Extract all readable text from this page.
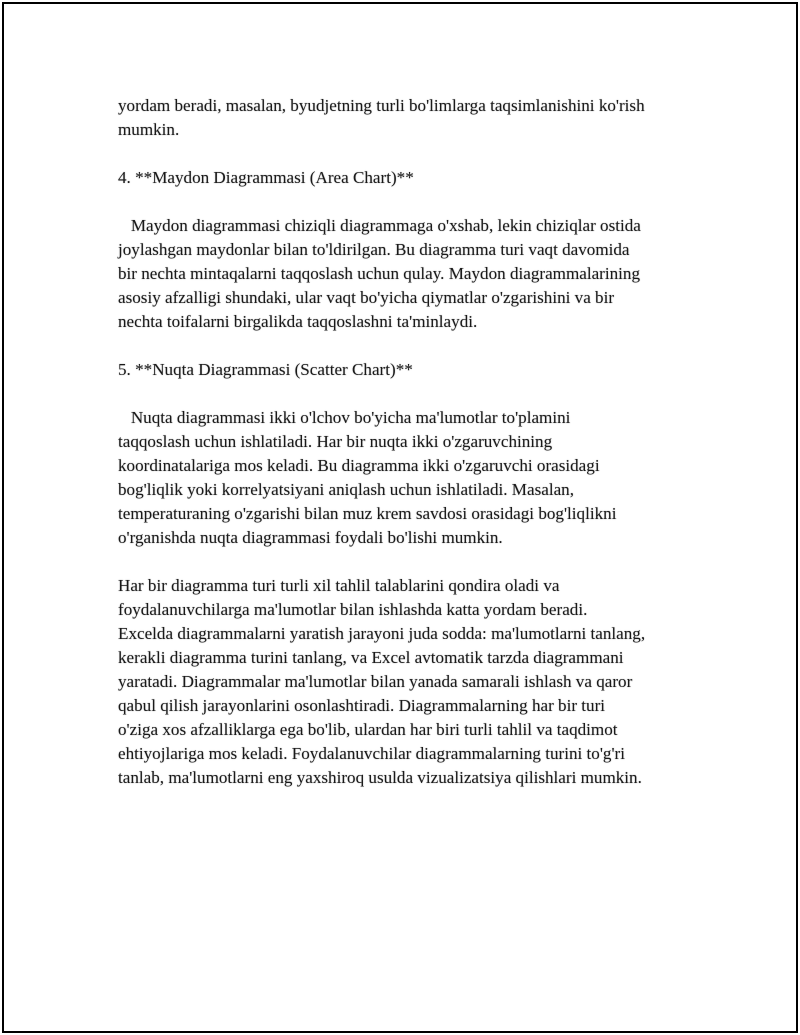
yordam beradi, masalan, byudjetning turli bo'limlarga taqsimlanishini ko'rish
mumkin.
4. **Maydon Diagrammasi (Area Chart)**
Maydon diagrammasi chiziqli diagrammaga o'xshab, lekin chiziqlar ostida
joylashgan maydonlar bilan to'ldirilgan. Bu diagramma turi vaqt davomida
bir nechta mintaqalarni taqqoslash uchun qulay. Maydon diagrammalarining
asosiy afzalligi shundaki, ular vaqt bo'yicha qiymatlar o'zgarishini va bir
nechta toifalarni birgalikda taqqoslashni ta'minlaydi.
5. **Nuqta Diagrammasi (Scatter Chart)**
Nuqta diagrammasi ikki o'lchov bo'yicha ma'lumotlar to'plamini
taqqoslash uchun ishlatiladi. Har bir nuqta ikki o'zgaruvchining
koordinatalariga mos keladi. Bu diagramma ikki o'zgaruvchi orasidagi
bog'liqlik yoki korrelyatsiyani aniqlash uchun ishlatiladi. Masalan,
temperaturaning o'zgarishi bilan muz krem savdosi orasidagi bog'liqlikni
o'rganishda nuqta diagrammasi foydali bo'lishi mumkin.
Har bir diagramma turi turli xil tahlil talablarini qondira oladi va
foydalanuvchilarga ma'lumotlar bilan ishlashda katta yordam beradi.
Excelda diagrammalarni yaratish jarayoni juda sodda: ma'lumotlarni tanlang,
kerakli diagramma turini tanlang, va Excel avtomatik tarzda diagrammani
yaratadi. Diagrammalar ma'lumotlar bilan yanada samarali ishlash va qaror
qabul qilish jarayonlarini osonlashtiradi. Diagrammalarning har bir turi
o'ziga xos afzalliklarga ega bo'lib, ulardan har biri turli tahlil va taqdimot
ehtiyojlariga mos keladi. Foydalanuvchilar diagrammalarning turini to'g'ri
tanlab, ma'lumotlarni eng yaxshiroq usulda vizualizatsiya qilishlari mumkin.
